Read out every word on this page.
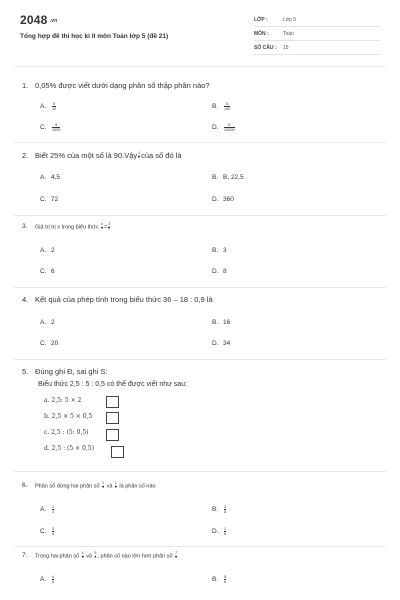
2048 .vn
Tổng hợp đề thi học kì II môn Toán lớp 5 (đề 21)
LỚP :	Lớp 5
MÔN :	Toán
SỐ CÂU : 15
1. 0,05% được viết dưới dạng phân số thập phân nào?
A. $\frac{5}{10}$	B. $\frac{5}{100}$
C. $\frac{5}{1000}$	D. $\frac{5}{10000}$
2. Biết 25% của một số là 90.Vậy $\frac{1}{2}$ của số đó là
A. 4,5	B. B, 22,5
C. 72	D. 360
3. Giá trị trị x trong biểu thức $\frac{x}{4} = \frac{3}{2}$
A. 2	B. 3
C. 6	D. 8
4. Kết quả của phép tính trong biểu thức 36 – 18 : 0,9 là
A. 2	B. 16
C. 20	D. 34
5. Đúng ghi Đ, sai ghi S:
Biểu thức 2,5 : 5 : 0,5 có thể được viết như sau:
a. 2,5: 5 × 2
b. 2,5 × 5 × 0,5
c. 2,5 : (5: 0,5)
d. 2,5 : (5 × 0,5)
6. Phân số đứng hai phân số $\frac{1}{4}$ và $\frac{1}{2}$ là phân số nào
A. $\frac{1}{3}$	B. $\frac{3}{8}$
C. $\frac{3}{4}$	D. $\frac{1}{6}$
7. Trong hai phân số $\frac{4}{5}$ và $\frac{5}{6}$ , phân số nào lớn hơn phân số $\frac{7}{9}$
A. $\frac{4}{5}$	B. $\frac{5}{6}$
